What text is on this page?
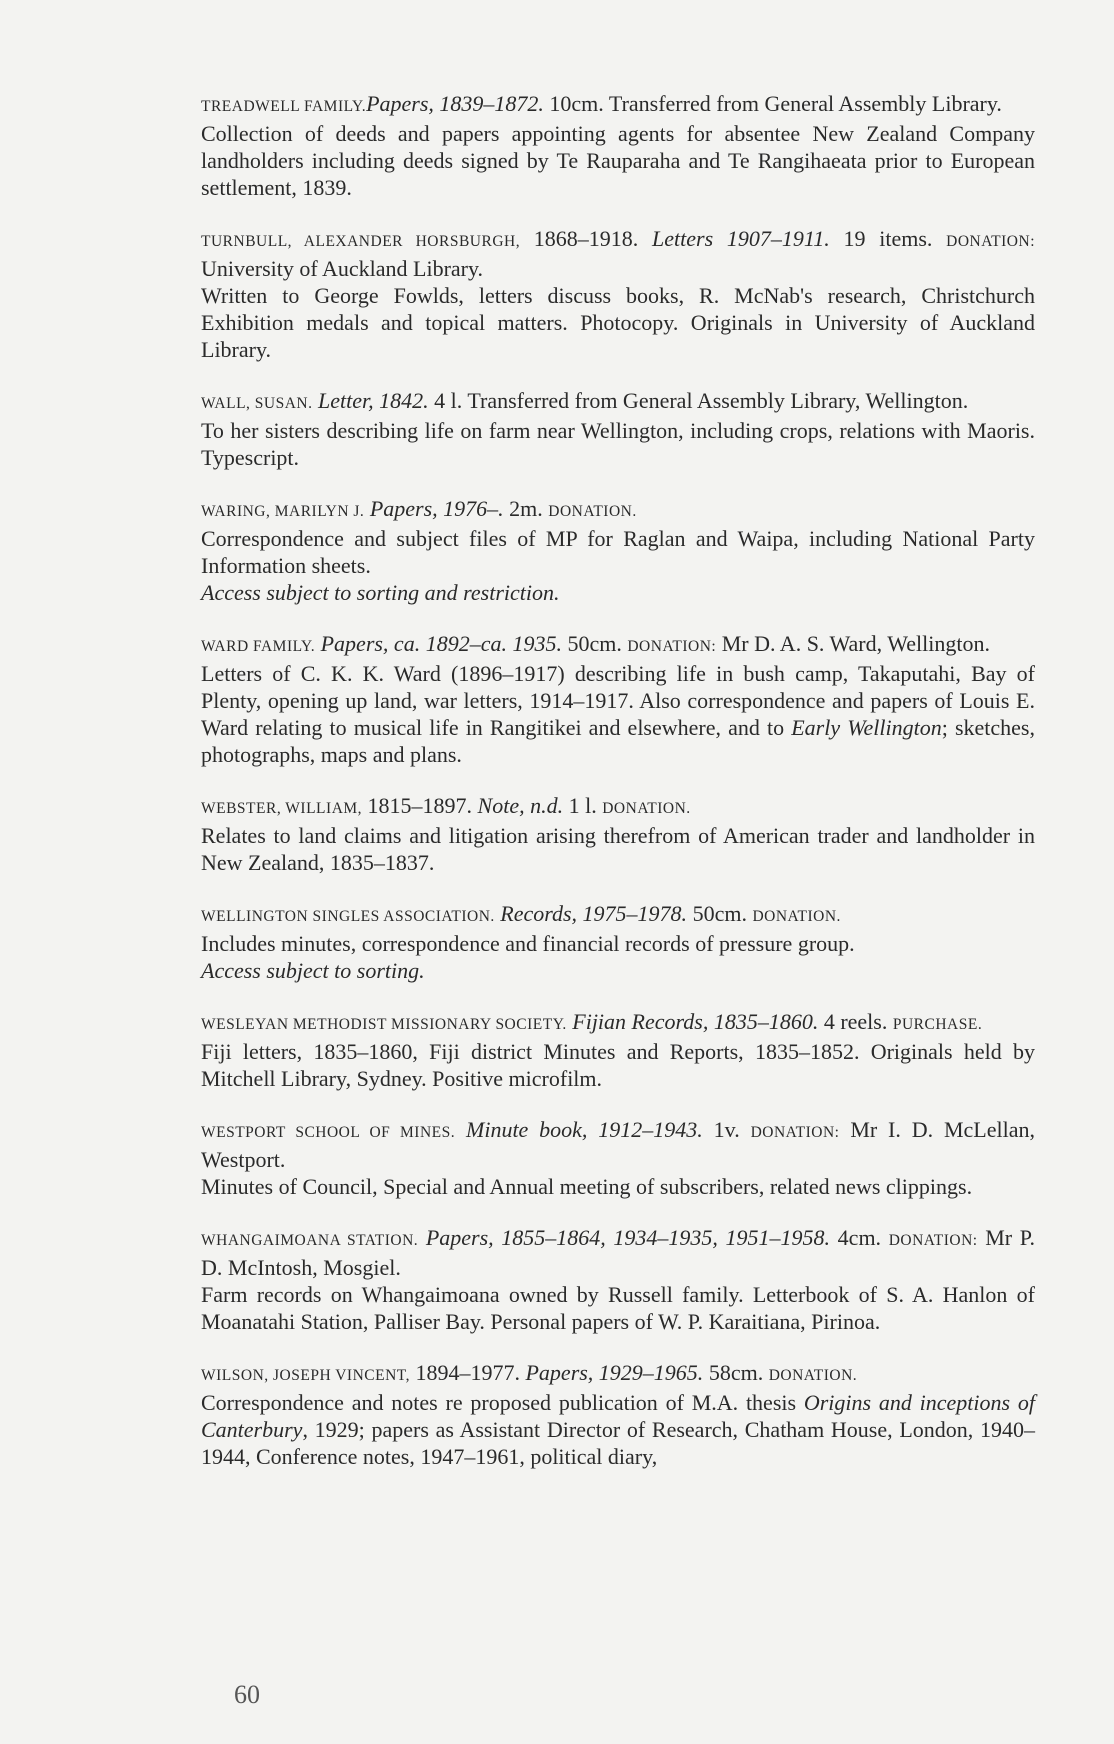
TREADWELL FAMILY.Papers, 1839–1872. 10cm. Transferred from General Assembly Library.

Collection of deeds and papers appointing agents for absentee New Zealand Company landholders including deeds signed by Te Rauparaha and Te Rangihaeata prior to European settlement, 1839.

TURNBULL, ALEXANDER HORSBURGH, 1868–1918. Letters 1907–1911. 19 items. DONATION: University of Auckland Library.

Written to George Fowlds, letters discuss books, R. McNab's research, Christchurch Exhibition medals and topical matters. Photocopy. Originals in University of Auckland Library.

WALL, SUSAN. Letter, 1842. 4 l. Transferred from General Assembly Library, Wellington.

To her sisters describing life on farm near Wellington, including crops, relations with Maoris. Typescript.

WARING, MARILYN J. Papers, 1976–. 2m. DONATION.

Correspondence and subject files of MP for Raglan and Waipa, including National Party Information sheets.

Access subject to sorting and restriction.

WARD FAMILY. Papers, ca. 1892–ca. 1935. 50cm. DONATION: Mr D. A. S. Ward, Wellington.

Letters of C. K. K. Ward (1896–1917) describing life in bush camp, Takaputahi, Bay of Plenty, opening up land, war letters, 1914–1917. Also correspondence and papers of Louis E. Ward relating to musical life in Rangitikei and elsewhere, and to Early Wellington; sketches, photographs, maps and plans.

WEBSTER, WILLIAM, 1815–1897. Note, n.d. 1 l. DONATION.

Relates to land claims and litigation arising therefrom of American trader and landholder in New Zealand, 1835–1837.

WELLINGTON SINGLES ASSOCIATION. Records, 1975–1978. 50cm. DONATION.

Includes minutes, correspondence and financial records of pressure group.

Access subject to sorting.

WESLEYAN METHODIST MISSIONARY SOCIETY. Fijian Records, 1835–1860. 4 reels. PURCHASE.

Fiji letters, 1835–1860, Fiji district Minutes and Reports, 1835–1852. Originals held by Mitchell Library, Sydney. Positive microfilm.

WESTPORT SCHOOL OF MINES. Minute book, 1912–1943. 1v. DONATION: Mr I. D. McLellan, Westport.

Minutes of Council, Special and Annual meeting of subscribers, related news clippings.

WHANGAIMOANA STATION. Papers, 1855–1864, 1934–1935, 1951–1958. 4cm. DONATION: Mr P. D. McIntosh, Mosgiel.

Farm records on Whangaimoana owned by Russell family. Letterbook of S. A. Hanlon of Moanatahi Station, Palliser Bay. Personal papers of W. P. Karaitiana, Pirinoa.

WILSON, JOSEPH VINCENT, 1894–1977. Papers, 1929–1965. 58cm. DONATION.

Correspondence and notes re proposed publication of M.A. thesis Origins and inceptions of Canterbury, 1929; papers as Assistant Director of Research, Chatham House, London, 1940–1944, Conference notes, 1947–1961, political diary,

60
